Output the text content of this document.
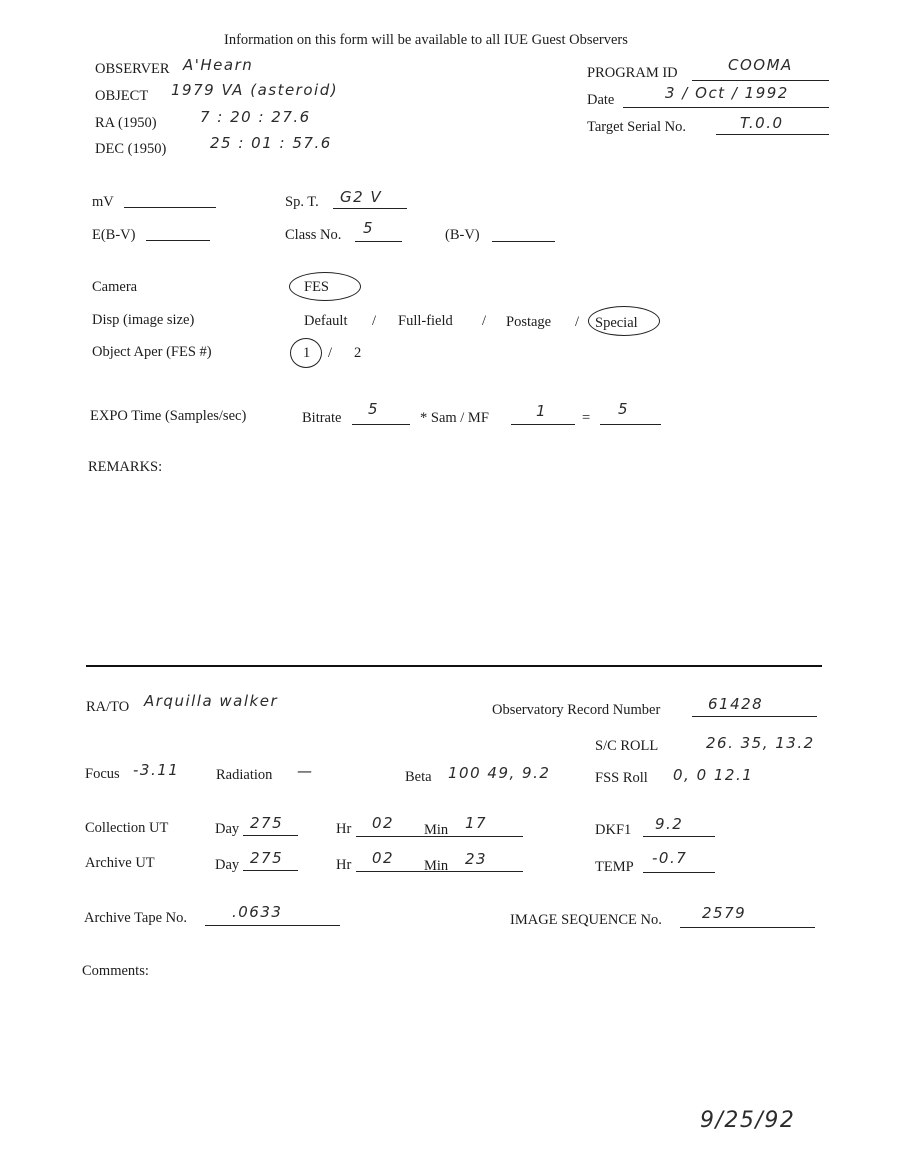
Information on this form will be available to all IUE Guest Observers
OBSERVER A'Hearn
OBJECT 1979 VA (asteroid)
RA (1950)	7 : 20 : 27.6
DEC (1950)	25 : 01 : 57.6
PROGRAM ID	COOMA
Date	3 / Oct / 1992
Target Serial No.	T.0.0
mV	Sp. T. G2 V
E(B-V)	Class No. 5	(B-V)
Camera	FES
Disp (image size)	Default / Full-field / Postage / Special
Object Aper (FES #)	1 / 2
EXPO Time (Samples/sec)	Bitrate 5	* Sam / MF	1 = 5
REMARKS:
RA/TO Arquilla walker	Observatory Record Number	61428
S/C ROLL	26. 35, 13.2
Focus -3.11	Radiation —	Beta 100 49, 9.2	FSS Roll 0, 0 12.1
Collection UT	Day 275	Hr 02 Min 17	DKF1 9.2
Archive UT	Day 275	Hr 02 Min 23	TEMP -0.7
Archive Tape No.	.0633	IMAGE SEQUENCE No.	2579
Comments:
9/25/92
